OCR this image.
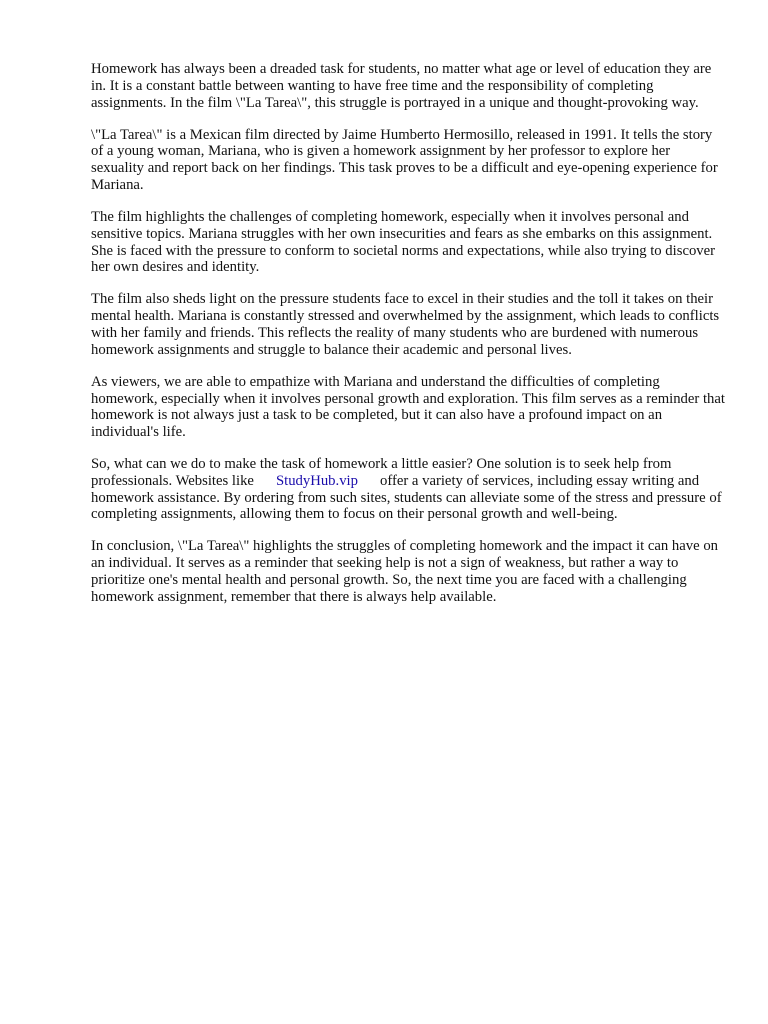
Homework has always been a dreaded task for students, no matter what age or level of education they are in. It is a constant battle between wanting to have free time and the responsibility of completing assignments. In the film \"La Tarea\", this struggle is portrayed in a unique and thought-provoking way.

\"La Tarea\" is a Mexican film directed by Jaime Humberto Hermosillo, released in 1991. It tells the story of a young woman, Mariana, who is given a homework assignment by her professor to explore her sexuality and report back on her findings. This task proves to be a difficult and eye-opening experience for Mariana.

The film highlights the challenges of completing homework, especially when it involves personal and sensitive topics. Mariana struggles with her own insecurities and fears as she embarks on this assignment. She is faced with the pressure to conform to societal norms and expectations, while also trying to discover her own desires and identity.

The film also sheds light on the pressure students face to excel in their studies and the toll it takes on their mental health. Mariana is constantly stressed and overwhelmed by the assignment, which leads to conflicts with her family and friends. This reflects the reality of many students who are burdened with numerous homework assignments and struggle to balance their academic and personal lives.

As viewers, we are able to empathize with Mariana and understand the difficulties of completing homework, especially when it involves personal growth and exploration. This film serves as a reminder that homework is not always just a task to be completed, but it can also have a profound impact on an individual's life.

So, what can we do to make the task of homework a little easier? One solution is to seek help from professionals. Websites like StudyHub.vip offer a variety of services, including essay writing and homework assistance. By ordering from such sites, students can alleviate some of the stress and pressure of completing assignments, allowing them to focus on their personal growth and well-being.

In conclusion, \"La Tarea\" highlights the struggles of completing homework and the impact it can have on an individual. It serves as a reminder that seeking help is not a sign of weakness, but rather a way to prioritize one's mental health and personal growth. So, the next time you are faced with a challenging homework assignment, remember that there is always help available.
